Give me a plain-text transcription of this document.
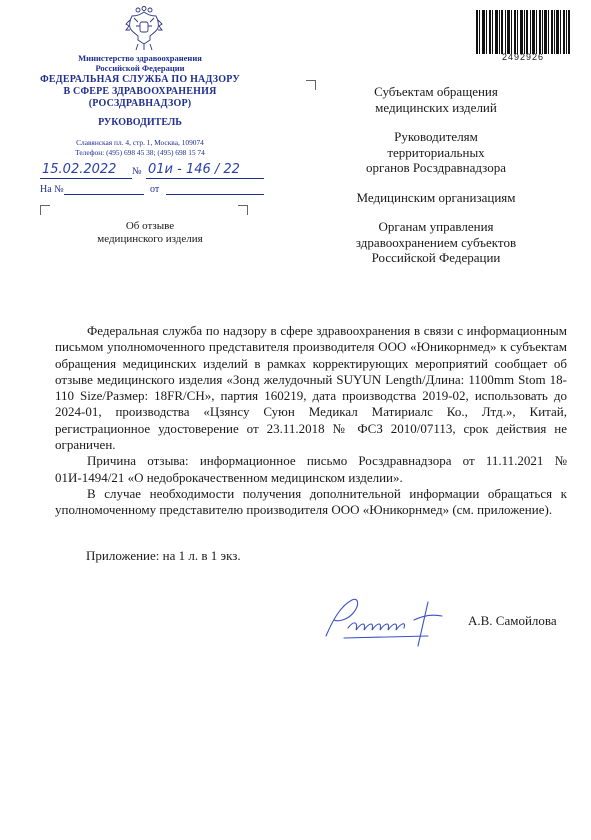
Министерство здравоохранения
Российской Федерации
ФЕДЕРАЛЬНАЯ СЛУЖБА ПО НАДЗОРУ
В СФЕРЕ ЗДРАВООХРАНЕНИЯ
(РОСЗДРАВНАДЗОР)
РУКОВОДИТЕЛЬ
Славянская пл. 4, стр. 1, Москва, 109074
Телефон: (495) 698 45 38; (495) 698 15 74
15.02.2022 № 01и - 146 / 22
На №	от
Об отзыве
медицинского изделия
2492926
Субъектам обращения
медицинских изделий
Руководителям
территориальных
органов Росздравнадзора
Медицинским организациям
Органам управления
здравоохранением субъектов
Российской Федерации

Федеральная служба по надзору в сфере здравоохранения в связи с информационным письмом уполномоченного представителя производителя ООО «Юникорнмед» к субъектам обращения медицинских изделий в рамках корректирующих мероприятий сообщает об отзыве медицинского изделия «Зонд желудочный SUYUN Length/Длина: 1100mm Stom 18-110 Size/Размер: 18FR/CH», партия 160219, дата производства 2019-02, использовать до 2024-01, производства «Цзянсу Суюн Медикал Матириалс Ко., Лтд.», Китай, регистрационное удостоверение от 23.11.2018 № ФСЗ 2010/07113, срок действия не ограничен.

Причина отзыва: информационное письмо Росздравнадзора от 11.11.2021 № 01И-1494/21 «О недоброкачественном медицинском изделии».

В случае необходимости получения дополнительной информации обращаться к уполномоченному представителю производителя ООО «Юникорнмед» (см. приложение).

Приложение: на 1 л. в 1 экз.
А.В. Самойлова
